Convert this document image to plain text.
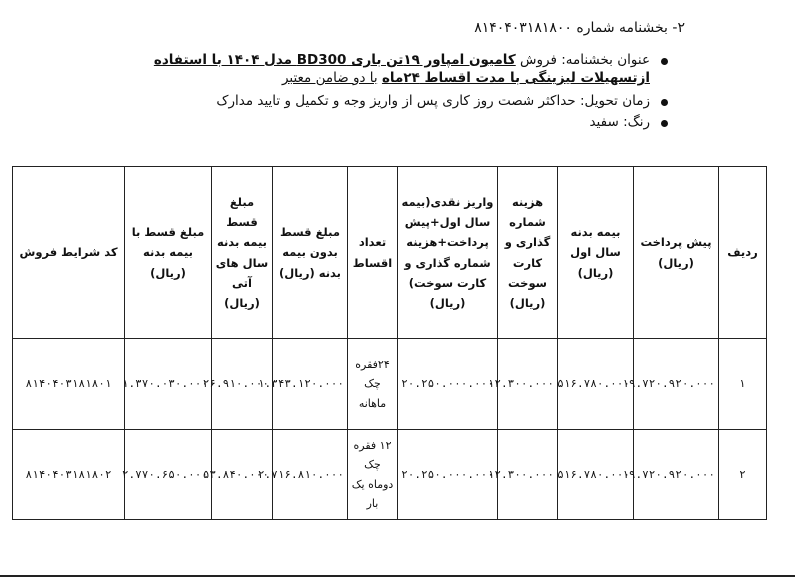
۲- بخشنامه شماره ۸۱۴۰۴۰۳۱۸۱۸۰۰
عنوان بخشنامه: فروش کامیون امپاور ۱۹تن باری BD300 مدل ۱۴۰۴ با استفاده
ازتسهیلات لیزینگی با مدت اقساط ۲۴ماه با دو ضامن معتبر
زمان تحویل: حداکثر شصت روز کاری پس از واریز وجه و تکمیل و تایید مدارک
رنگ: سفید
ردیف	پیش پرداخت (ریال)	بیمه بدنه سال اول (ریال)	هزینه شماره گذاری و کارت سوخت (ریال)	واریز نقدی(بیمه سال اول+پیش پرداخت+هزینه شماره گذاری و کارت سوخت) (ریال)	تعداد اقساط	مبلغ قسط بدون بیمه بدنه (ریال)	مبلغ قسط بیمه بدنه سال های آتی (ریال)	مبلغ قسط با بیمه بدنه (ریال)	کد شرایط فروش
۱	۱۹.۷۲۰.۹۲۰.۰۰۰	۵۱۶.۷۸۰.۰۰۰	۱۲.۳۰۰.۰۰۰	۲۰.۲۵۰.۰۰۰.۰۰۰	۲۴فقره چک ماهانه	۱.۳۴۳.۱۲۰.۰۰۰	۲۶.۹۱۰.۰۰۰	۱.۳۷۰.۰۳۰.۰۰۰	۸۱۴۰۴۰۳۱۸۱۸۰۱
۲	۱۹.۷۲۰.۹۲۰.۰۰۰	۵۱۶.۷۸۰.۰۰۰	۱۲.۳۰۰.۰۰۰	۲۰.۲۵۰.۰۰۰.۰۰۰	۱۲ فقره چک دوماه یک بار	۲.۷۱۶.۸۱۰.۰۰۰	۵۳.۸۴۰.۰۰۰	۲.۷۷۰.۶۵۰.۰۰۰	۸۱۴۰۴۰۳۱۸۱۸۰۲
